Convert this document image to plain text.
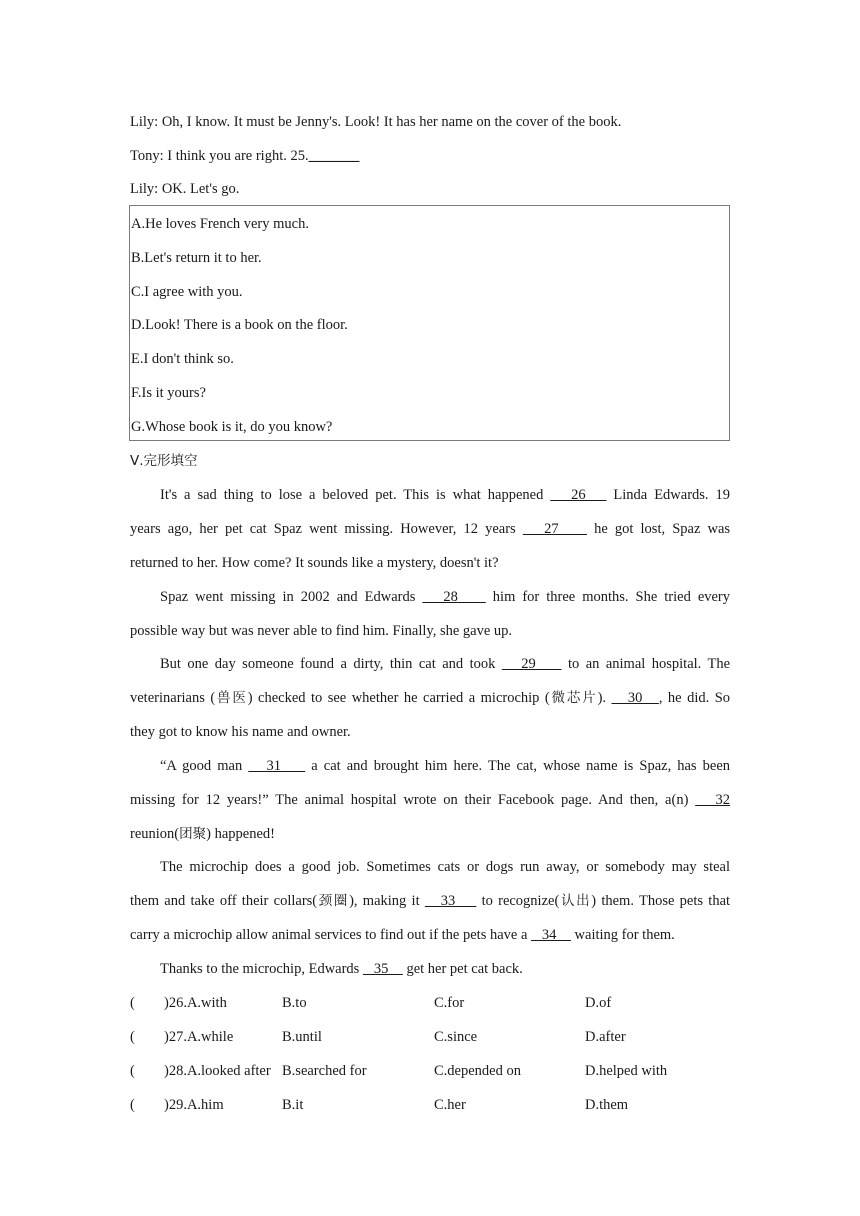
Lily: Oh, I know. It must be Jenny's. Look! It has her name on the cover of the book.
Tony: I think you are right. 25._______
Lily: OK. Let's go.
A.He loves French very much.
B.Let's return it to her.
C.I agree with you.
D.Look! There is a book on the floor.
E.I don't think so.
F.Is it yours?
G.Whose book is it, do you know?
Ⅴ.完形填空
It's a sad thing to lose a beloved pet. This is what happened    26    Linda Edwards. 19
years ago, her pet cat Spaz went missing. However, 12 years    27     he got lost, Spaz was
returned to her. How come? It sounds like a mystery, doesn't it?
Spaz went missing in 2002 and Edwards    28     him for three months. She tried every
possible way but was never able to find him. Finally, she gave up.
But one day someone found a dirty, thin cat and took    29     to an animal hospital. The
veterinarians (兽医) checked to see whether he carried a microchip (微芯片).    30   , he did. So
they got to know his name and owner.
“A good man    31     a cat and brought him here. The cat, whose name is Spaz, has been
missing for 12 years!” The animal hospital wrote on their Facebook page. And then, a(n)    32
reunion(团聚) happened!
The microchip does a good job. Sometimes cats or dogs run away, or somebody may steal
them and take off their collars(颈圈), making it    33     to recognize(认出) them. Those pets that
carry a microchip allow animal services to find out if the pets have a    34     waiting for them.
Thanks to the microchip, Edwards    35     get her pet cat back.
( )26.A.with	B.to	C.for	D.of
( )27.A.while	B.until	C.since	D.after
( )28.A.looked after B.searched for	C.depended on	D.helped with
( )29.A.him	B.it	C.her	D.them
